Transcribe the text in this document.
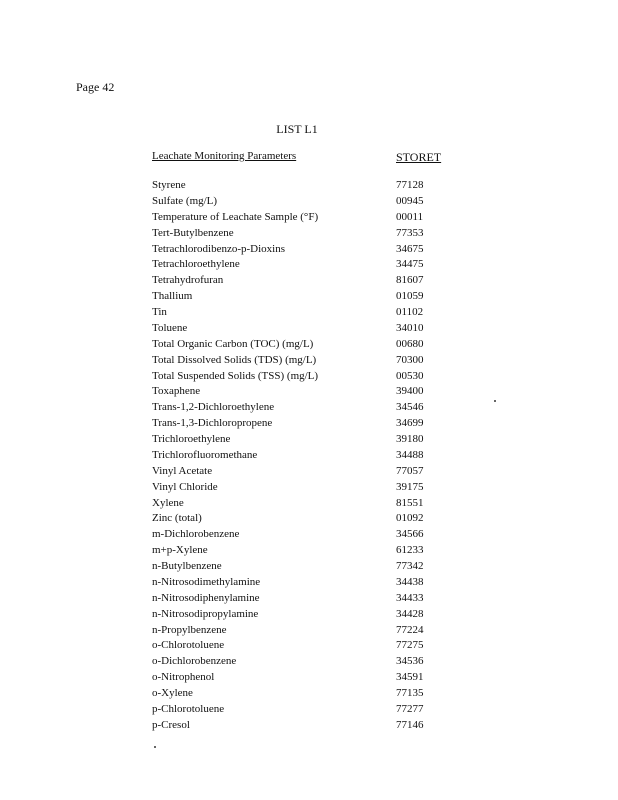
Page 42
LIST L1
Leachate Monitoring Parameters	STORET
Styrene	77128
Sulfate (mg/L)	00945
Temperature of Leachate Sample (°F)	00011
Tert-Butylbenzene	77353
Tetrachlorodibenzo-p-Dioxins	34675
Tetrachloroethylene	34475
Tetrahydrofuran	81607
Thallium	01059
Tin	01102
Toluene	34010
Total Organic Carbon (TOC) (mg/L)	00680
Total Dissolved Solids (TDS) (mg/L)	70300
Total Suspended Solids (TSS) (mg/L)	00530
Toxaphene	39400
Trans-1,2-Dichloroethylene	34546
Trans-1,3-Dichloropropene	34699
Trichloroethylene	39180
Trichlorofluoromethane	34488
Vinyl Acetate	77057
Vinyl Chloride	39175
Xylene	81551
Zinc (total)	01092
m-Dichlorobenzene	34566
m+p-Xylene	61233
n-Butylbenzene	77342
n-Nitrosodimethylamine	34438
n-Nitrosodiphenylamine	34433
n-Nitrosodipropylamine	34428
n-Propylbenzene	77224
o-Chlorotoluene	77275
o-Dichlorobenzene	34536
o-Nitrophenol	34591
o-Xylene	77135
p-Chlorotoluene	77277
p-Cresol	77146
